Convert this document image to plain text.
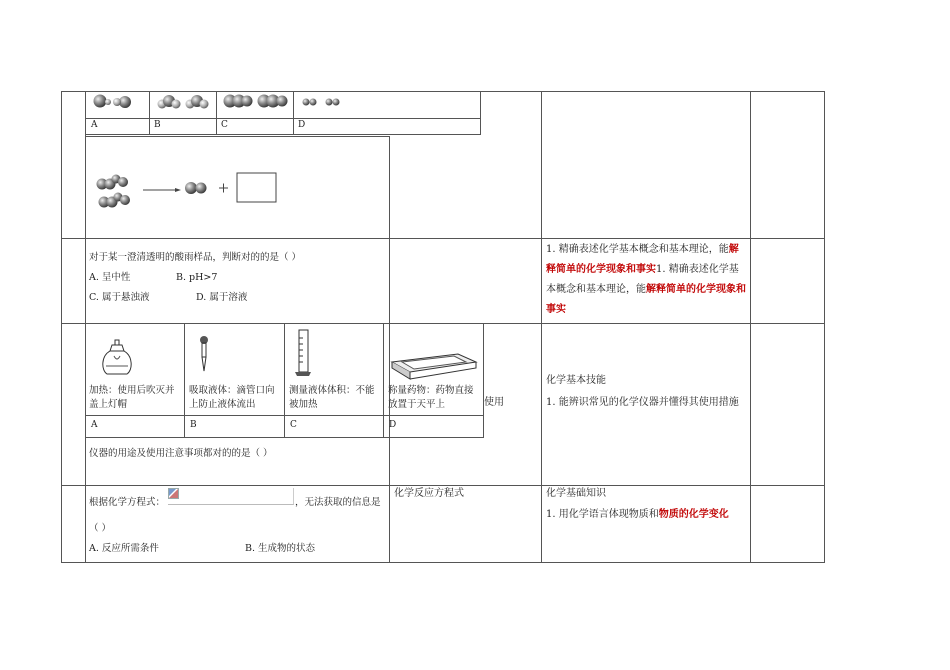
A	B	C	D
对于某一澄清透明的酸雨样品，判断对的的是（ ）
A. 呈中性	B. pH>7
C. 属于悬浊液	D. 属于溶液
1. 精确表述化学基本概念和基本理论，能解释简单的化学现象和事实1. 精确表述化学基本概念和基本理论，能解释简单的化学现象和事实
加热：使用后吹灭并盖上灯帽
吸取液体：滴管口向上防止液体流出
测量液体体积：不能被加热
称量药物：药物直接放置于天平上
A	B	C	D
仪器的用途及使用注意事项都对的的是（ ）
使用
化学基本技能
1. 能辨识常见的化学仪器并懂得其使用措施
根据化学方程式：	，无法获取的信息是
（ ）
A. 反应所需条件	B. 生成物的状态
化学反应方程式	化学基础知识
1. 用化学语言体现物质和物质的化学变化
